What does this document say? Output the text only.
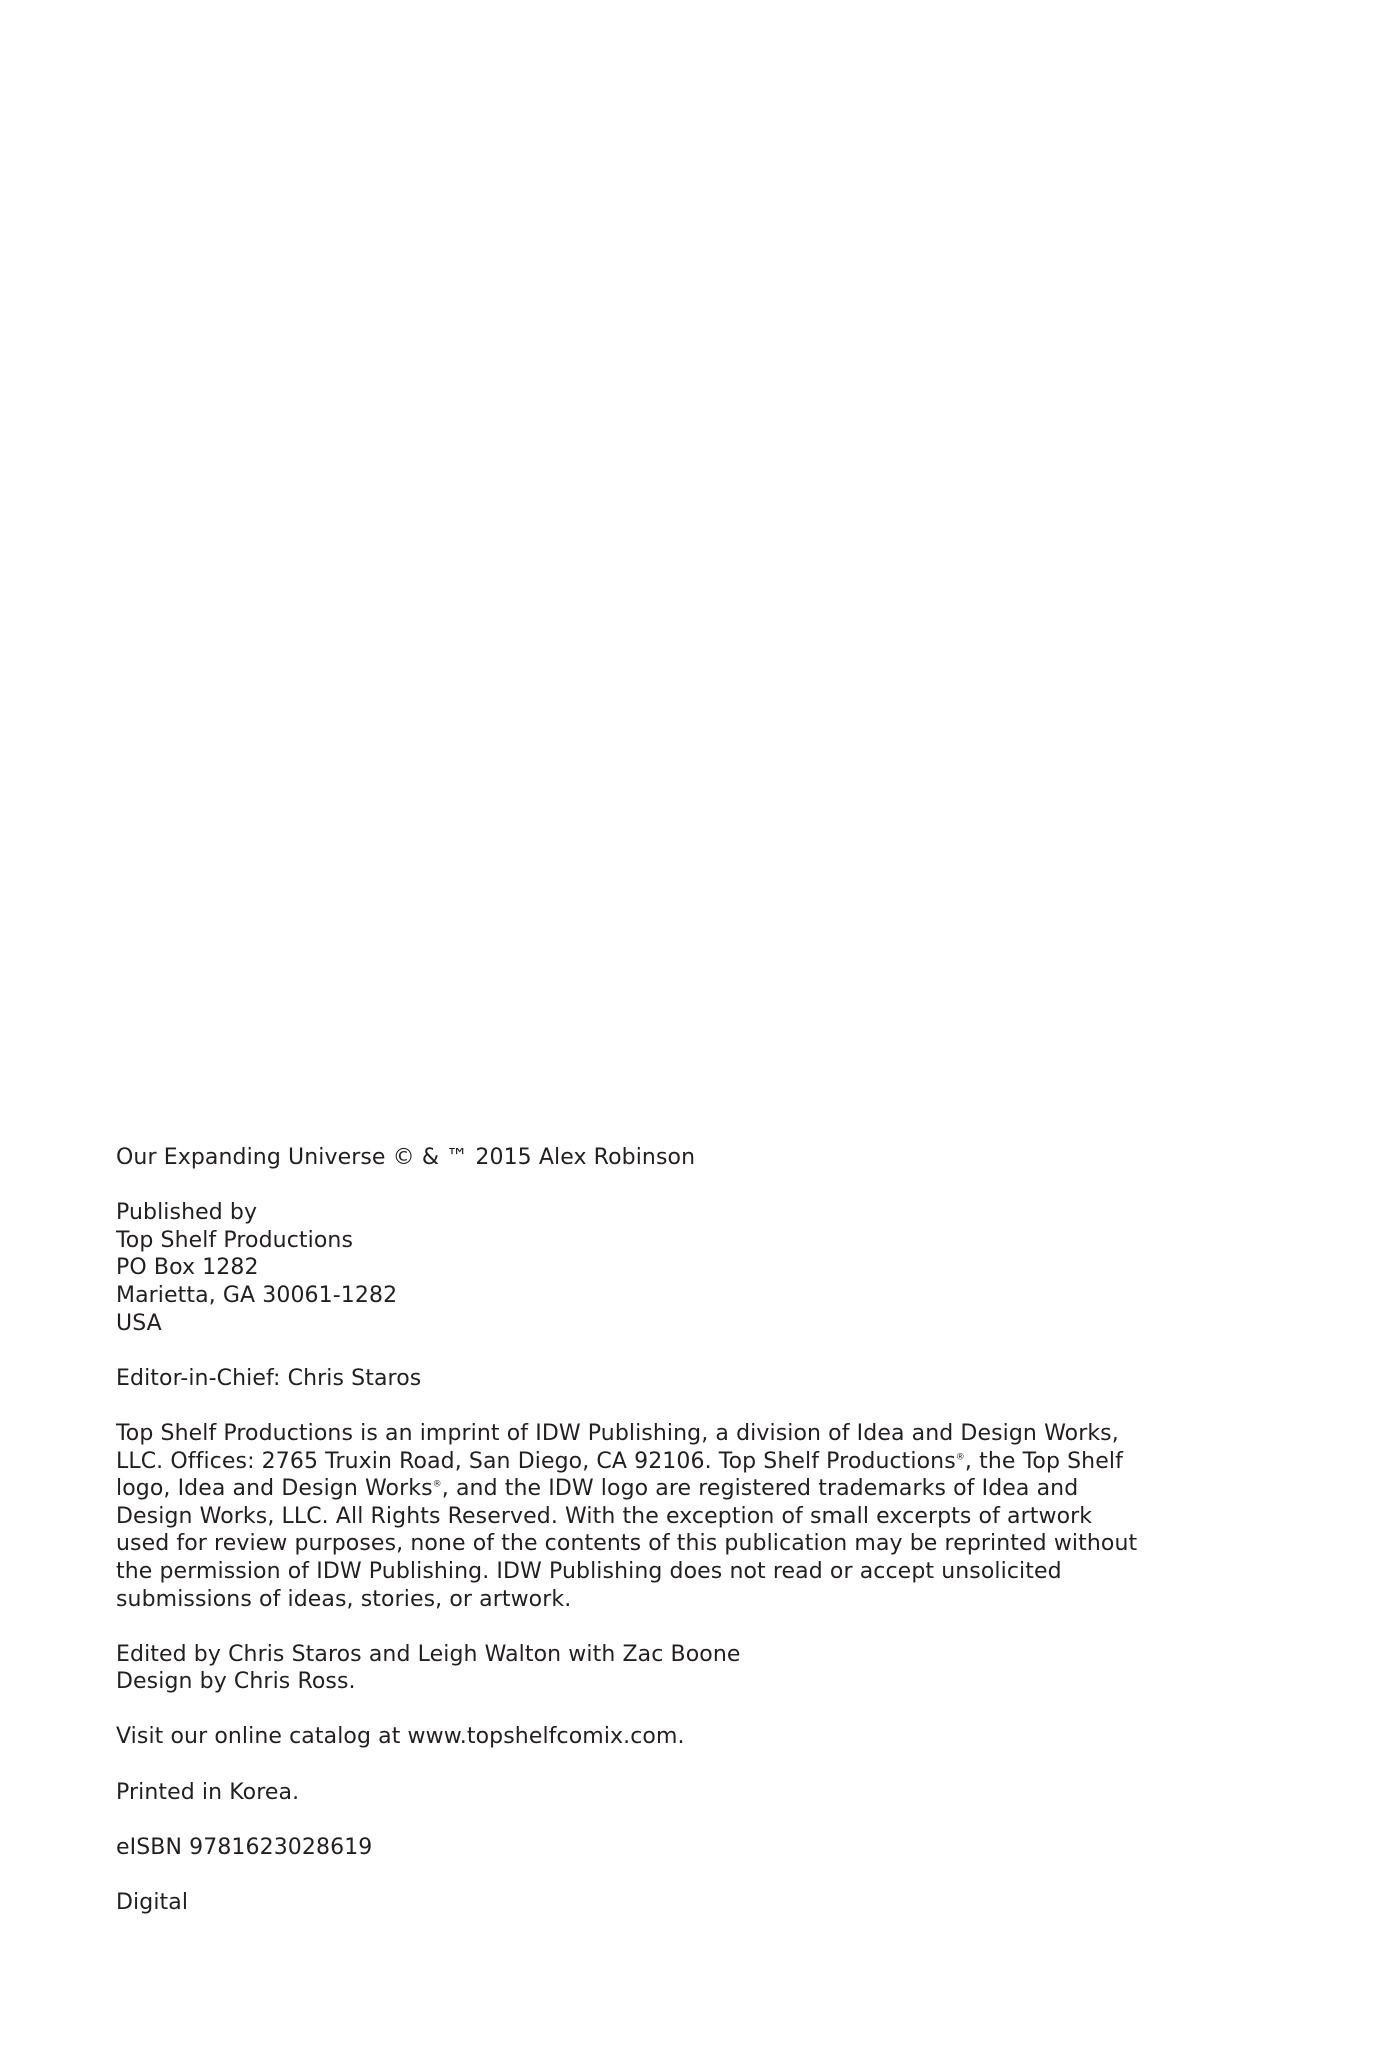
Our Expanding Universe © & ™ 2015 Alex Robinson
Published by
Top Shelf Productions
PO Box 1282
Marietta, GA 30061-1282
USA
Editor-in-Chief: Chris Staros
Top Shelf Productions is an imprint of IDW Publishing, a division of Idea and Design Works,
LLC. Offices: 2765 Truxin Road, San Diego, CA 92106. Top Shelf Productions®, the Top Shelf
logo, Idea and Design Works®, and the IDW logo are registered trademarks of Idea and
Design Works, LLC. All Rights Reserved. With the exception of small excerpts of artwork
used for review purposes, none of the contents of this publication may be reprinted without
the permission of IDW Publishing. IDW Publishing does not read or accept unsolicited
submissions of ideas, stories, or artwork.
Edited by Chris Staros and Leigh Walton with Zac Boone
Design by Chris Ross.
Visit our online catalog at www.topshelfcomix.com.
Printed in Korea.
eISBN 9781623028619
Digital
